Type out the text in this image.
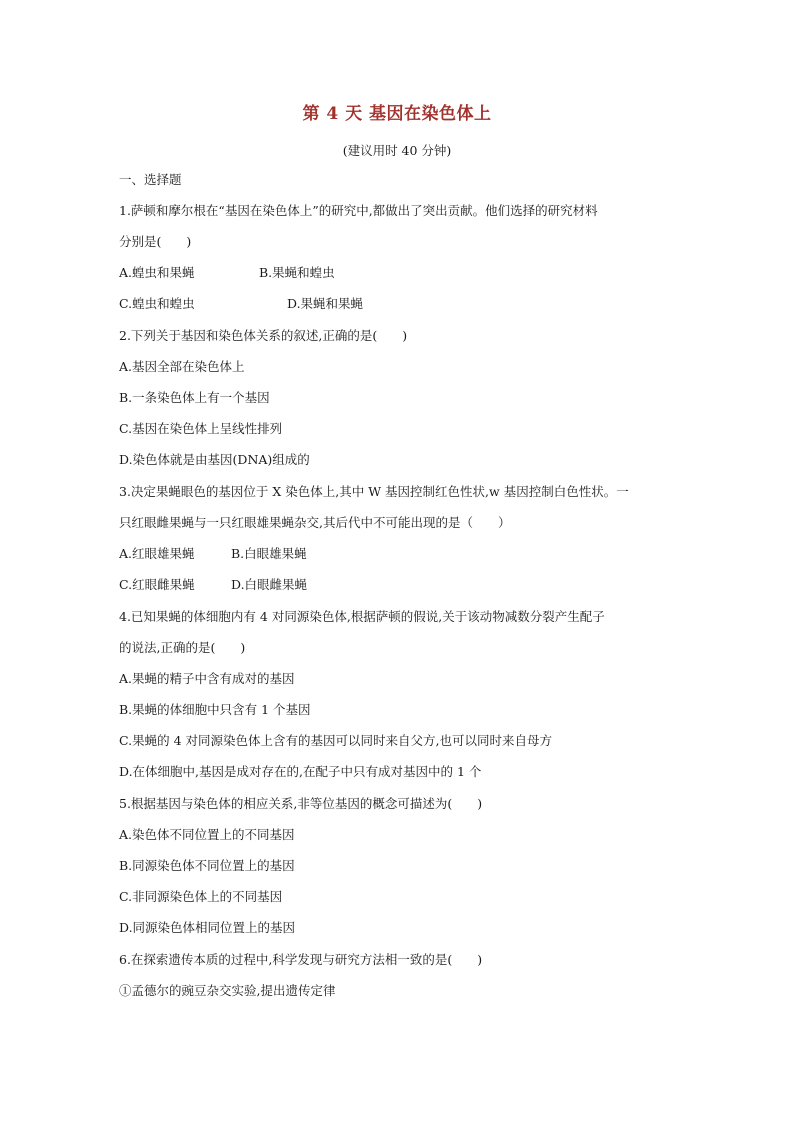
第 4 天 基因在染色体上
(建议用时 40 分钟)
一、选择题
1.萨顿和摩尔根在“基因在染色体上”的研究中,都做出了突出贡献。他们选择的研究材料
分别是(　　)
A.蝗虫和果蝇	B.果蝇和蝗虫
C.蝗虫和蝗虫	D.果蝇和果蝇
2.下列关于基因和染色体关系的叙述,正确的是(　　)
A.基因全部在染色体上
B.一条染色体上有一个基因
C.基因在染色体上呈线性排列
D.染色体就是由基因(DNA)组成的
3.决定果蝇眼色的基因位于 X 染色体上,其中 W 基因控制红色性状,w 基因控制白色性状。一
只红眼雌果蝇与一只红眼雄果蝇杂交,其后代中不可能出现的是（　　）
A.红眼雄果蝇	B.白眼雄果蝇
C.红眼雌果蝇	D.白眼雌果蝇
4.已知果蝇的体细胞内有 4 对同源染色体,根据萨顿的假说,关于该动物减数分裂产生配子
的说法,正确的是(　　)
A.果蝇的精子中含有成对的基因
B.果蝇的体细胞中只含有 1 个基因
C.果蝇的 4 对同源染色体上含有的基因可以同时来自父方,也可以同时来自母方
D.在体细胞中,基因是成对存在的,在配子中只有成对基因中的 1 个
5.根据基因与染色体的相应关系,非等位基因的概念可描述为(　　)
A.染色体不同位置上的不同基因
B.同源染色体不同位置上的基因
C.非同源染色体上的不同基因
D.同源染色体相同位置上的基因
6.在探索遗传本质的过程中,科学发现与研究方法相一致的是(　　)
①孟德尔的豌豆杂交实验,提出遗传定律
